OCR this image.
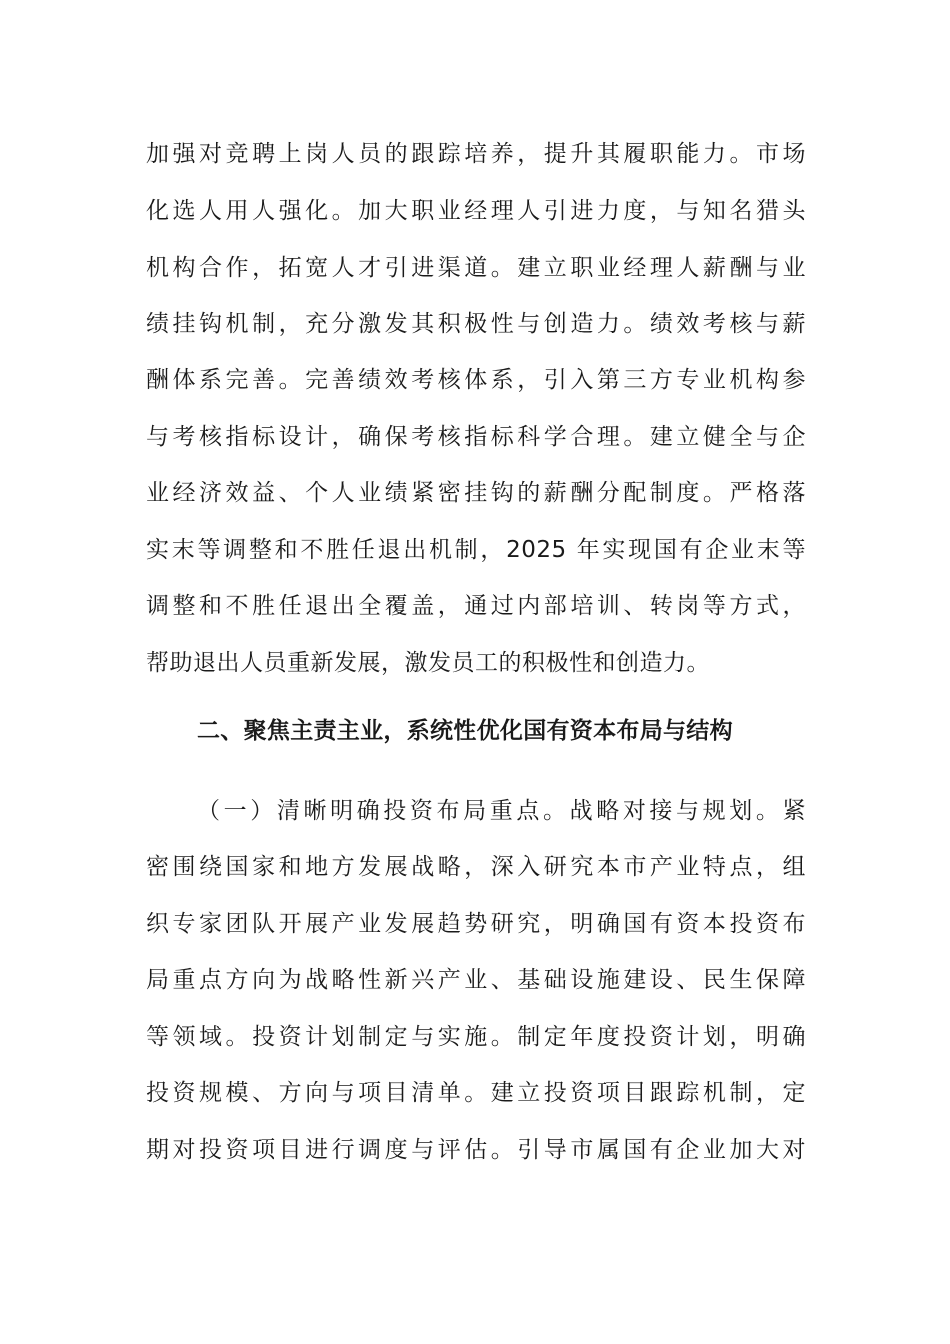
加强对竞聘上岗人员的跟踪培养，提升其履职能力。市场
化选人用人强化。加大职业经理人引进力度，与知名猎头
机构合作，拓宽人才引进渠道。建立职业经理人薪酬与业
绩挂钩机制，充分激发其积极性与创造力。绩效考核与薪
酬体系完善。完善绩效考核体系，引入第三方专业机构参
与考核指标设计，确保考核指标科学合理。建立健全与企
业经济效益、个人业绩紧密挂钩的薪酬分配制度。严格落
实末等调整和不胜任退出机制，2025 年实现国有企业末等
调整和不胜任退出全覆盖，通过内部培训、转岗等方式，
帮助退出人员重新发展，激发员工的积极性和创造力。
二、聚焦主责主业，系统性优化国有资本布局与结构
（一）清晰明确投资布局重点。战略对接与规划。紧
密围绕国家和地方发展战略，深入研究本市产业特点，组
织专家团队开展产业发展趋势研究，明确国有资本投资布
局重点方向为战略性新兴产业、基础设施建设、民生保障
等领域。投资计划制定与实施。制定年度投资计划，明确
投资规模、方向与项目清单。建立投资项目跟踪机制，定
期对投资项目进行调度与评估。引导市属国有企业加大对
